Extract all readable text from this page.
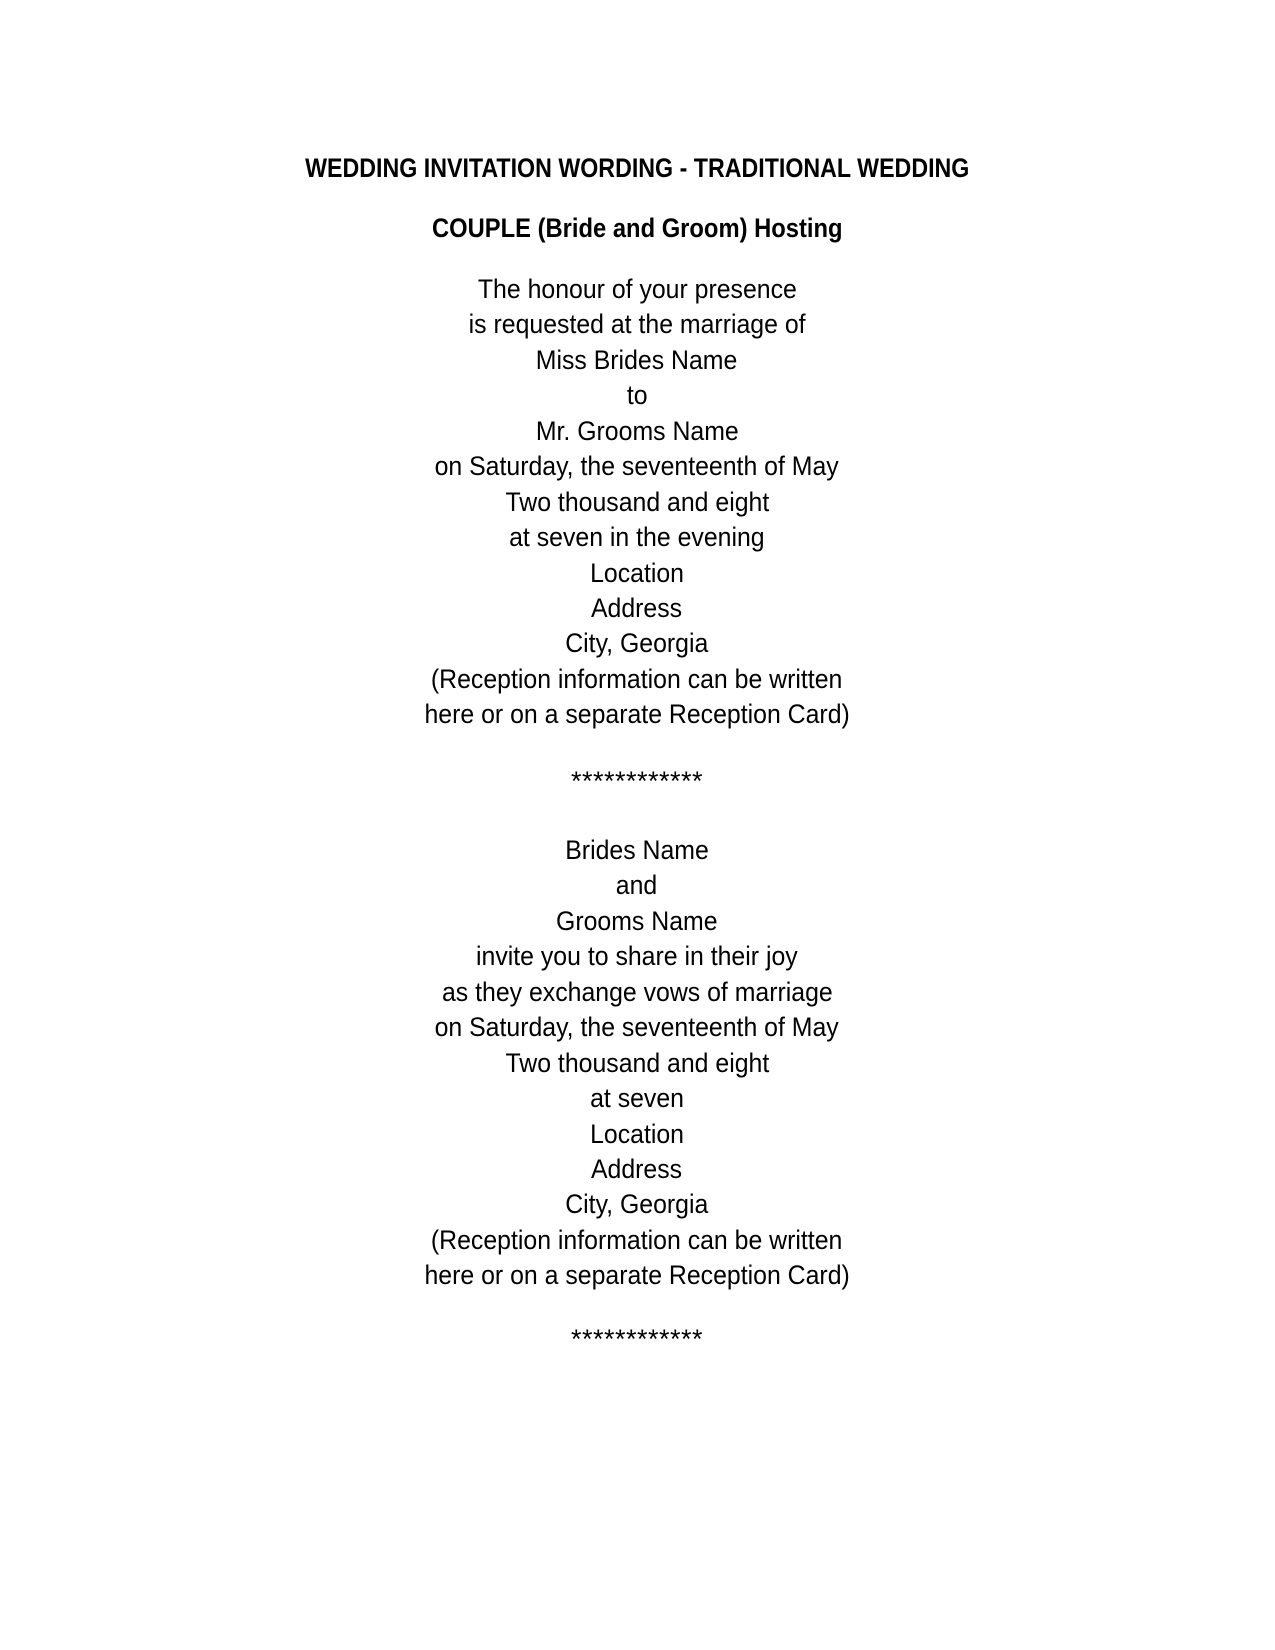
WEDDING INVITATION WORDING - TRADITIONAL WEDDING
COUPLE (Bride and Groom) Hosting
The honour of your presence
is requested at the marriage of
Miss Brides Name
to
Mr. Grooms Name
on Saturday, the seventeenth of May
Two thousand and eight
at seven in the evening
Location
Address
City, Georgia
(Reception information can be written
here or on a separate Reception Card)
************
Brides Name
and
Grooms Name
invite you to share in their joy
as they exchange vows of marriage
on Saturday, the seventeenth of May
Two thousand and eight
at seven
Location
Address
City, Georgia
(Reception information can be written
here or on a separate Reception Card)
************
